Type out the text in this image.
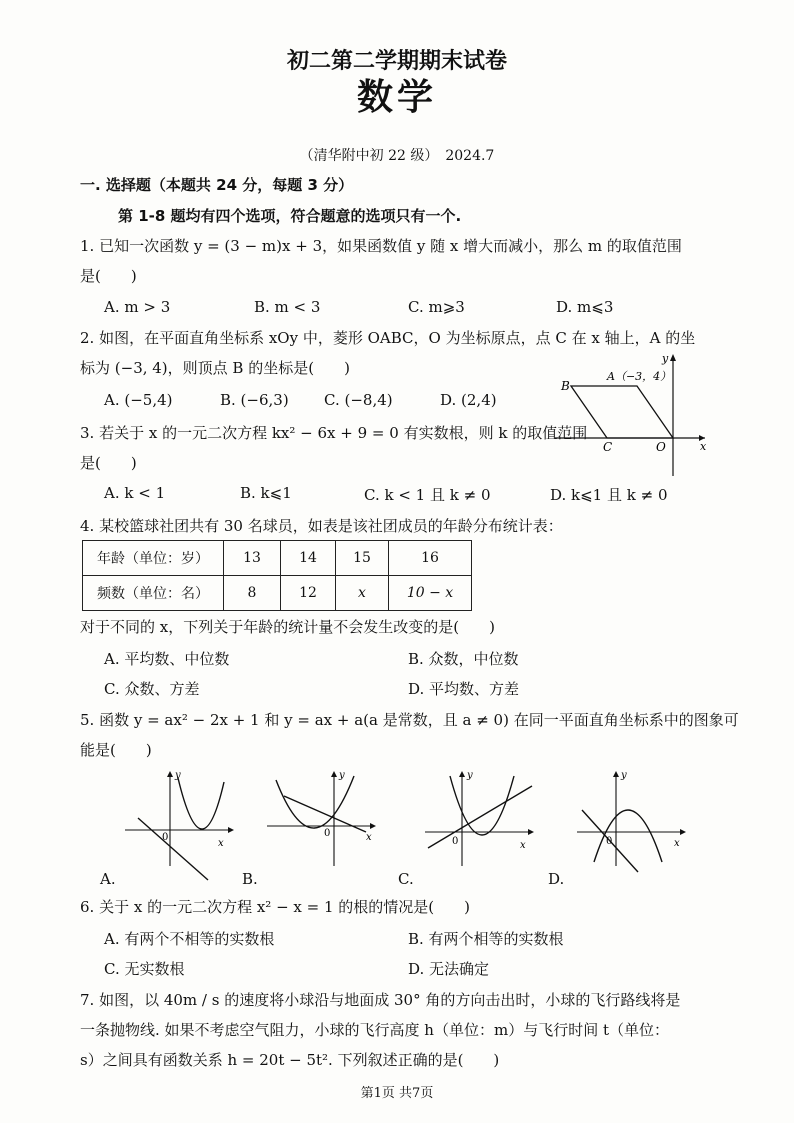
初二第二学期期末试卷
数学
（清华附中初 22 级）　2024.7
一. 选择题（本题共 24 分，每题 3 分）
第 1-8 题均有四个选项，符合题意的选项只有一个.
1. 已知一次函数 y = (3 − m)x + 3，如果函数值 y 随 x 增大而减小，那么 m 的取值范围
是(　　)
A. m > 3	B. m < 3	C. m⩾3	D. m⩽3
2. 如图，在平面直角坐标系 xOy 中，菱形 OABC，O 为坐标原点，点 C 在 x 轴上，A 的坐
标为 (−3, 4)，则顶点 B 的坐标是(　　)
A. (−5,4)	B. (−6,3) C. (−8,4)	D. (2,4)
A（−3，4）
B
C	O	x
y
3. 若关于 x 的一元二次方程 kx² − 6x + 9 = 0 有实数根，则 k 的取值范围
是(　　)
A. k < 1	B. k⩽1	C. k < 1 且 k ≠ 0	D. k⩽1 且 k ≠ 0
4. 某校篮球社团共有 30 名球员，如表是该社团成员的年龄分布统计表：
年龄（单位：岁）	13	14	15	16
频数（单位：名）	8	12	x	10 − x
对于不同的 x，下列关于年龄的统计量不会发生改变的是(　　)
A. 平均数、中位数	B. 众数，中位数
C. 众数、方差	D. 平均数、方差
5. 函数 y = ax² − 2x + 1 和 y = ax + a(a 是常数，且 a ≠ 0) 在同一平面直角坐标系中的图象可
能是(　　)
x
y
0
A.
x
y
0
B.
x
y
0
C.
x
y
0
D.
6. 关于 x 的一元二次方程 x² − x = 1 的根的情况是(　　)
A. 有两个不相等的实数根	B. 有两个相等的实数根
C. 无实数根	D. 无法确定
7. 如图，以 40m / s 的速度将小球沿与地面成 30° 角的方向击出时，小球的飞行路线将是
一条抛物线. 如果不考虑空气阻力，小球的飞行高度 h（单位：m）与飞行时间 t（单位：
s）之间具有函数关系 h = 20t − 5t². 下列叙述正确的是(　　)
第1页 共7页
